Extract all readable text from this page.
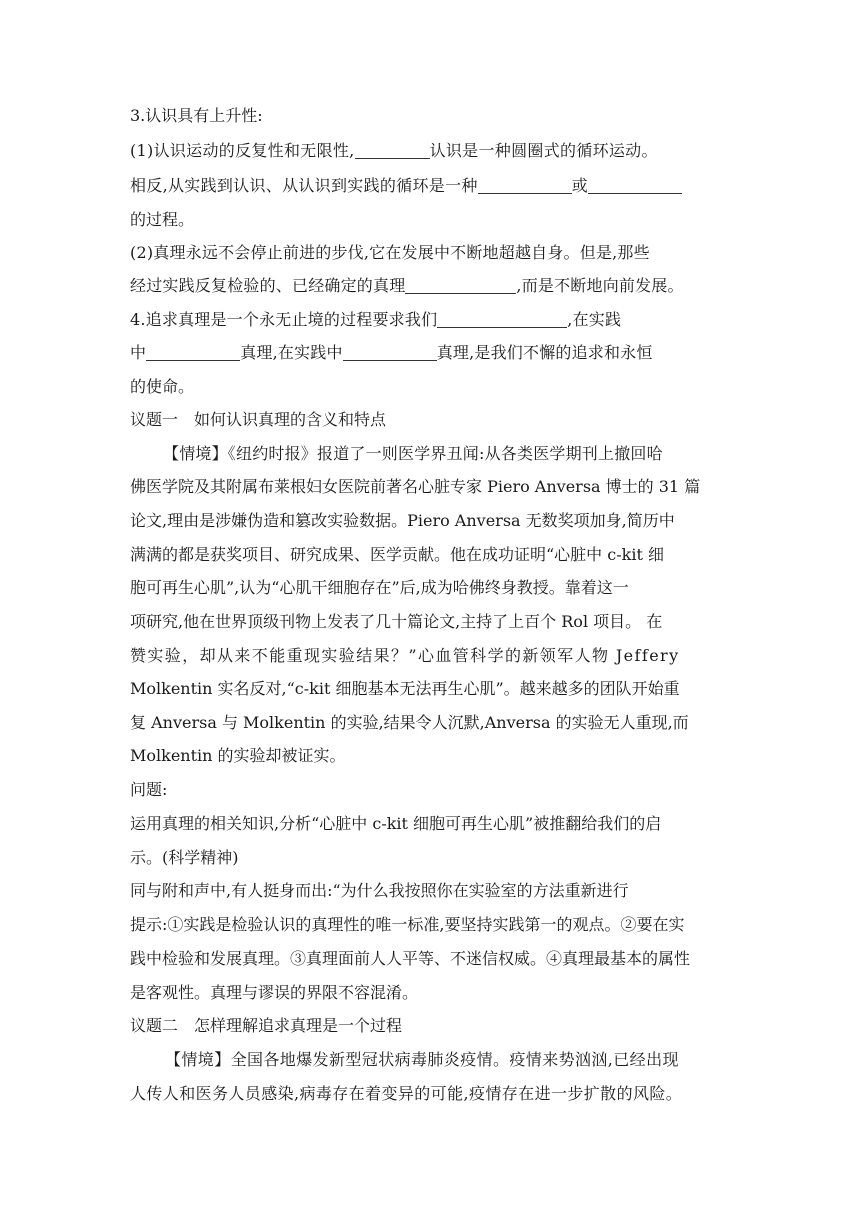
3.认识具有上升性:
(1)认识运动的反复性和无限性,	认识是一种圆圈式的循环运动。
相反,从实践到认识、从认识到实践的循环是一种	或
的过程。
(2)真理永远不会停止前进的步伐,它在发展中不断地超越自身。但是,那些
经过实践反复检验的、已经确定的真理	,而是不断地向前发展。
4.追求真理是一个永无止境的过程要求我们	,在实践
中	真理,在实践中	真理,是我们不懈的追求和永恒
的使命。
议题一　如何认识真理的含义和特点
【情境】《纽约时报》报道了一则医学界丑闻:从各类医学期刊上撤回哈
佛医学院及其附属布莱根妇女医院前著名心脏专家 Piero Anversa 博士的 31 篇
论文,理由是涉嫌伪造和篡改实验数据。Piero Anversa 无数奖项加身,简历中
满满的都是获奖项目、研究成果、医学贡献。他在成功证明“心脏中 c-kit 细
胞可再生心肌”,认为“心肌干细胞存在”后,成为哈佛终身教授。靠着这一
项研究,他在世界顶级刊物上发表了几十篇论文,主持了上百个 Rol 项目。 在
赞实验，却从来不能重现实验结果？”心血管科学的新领军人物 Jeffery
Molkentin 实名反对,“c-kit 细胞基本无法再生心肌”。越来越多的团队开始重
复 Anversa 与 Molkentin 的实验,结果令人沉默,Anversa 的实验无人重现,而
Molkentin 的实验却被证实。
问题:
运用真理的相关知识,分析“心脏中 c-kit 细胞可再生心肌”被推翻给我们的启
示。(科学精神)
同与附和声中,有人挺身而出:“为什么我按照你在实验室的方法重新进行
提示:①实践是检验认识的真理性的唯一标准,要坚持实践第一的观点。②要在实
践中检验和发展真理。③真理面前人人平等、不迷信权威。④真理最基本的属性
是客观性。真理与谬误的界限不容混淆。
议题二　怎样理解追求真理是一个过程
【情境】全国各地爆发新型冠状病毒肺炎疫情。疫情来势汹汹,已经出现
人传人和医务人员感染,病毒存在着变异的可能,疫情存在进一步扩散的风险。
